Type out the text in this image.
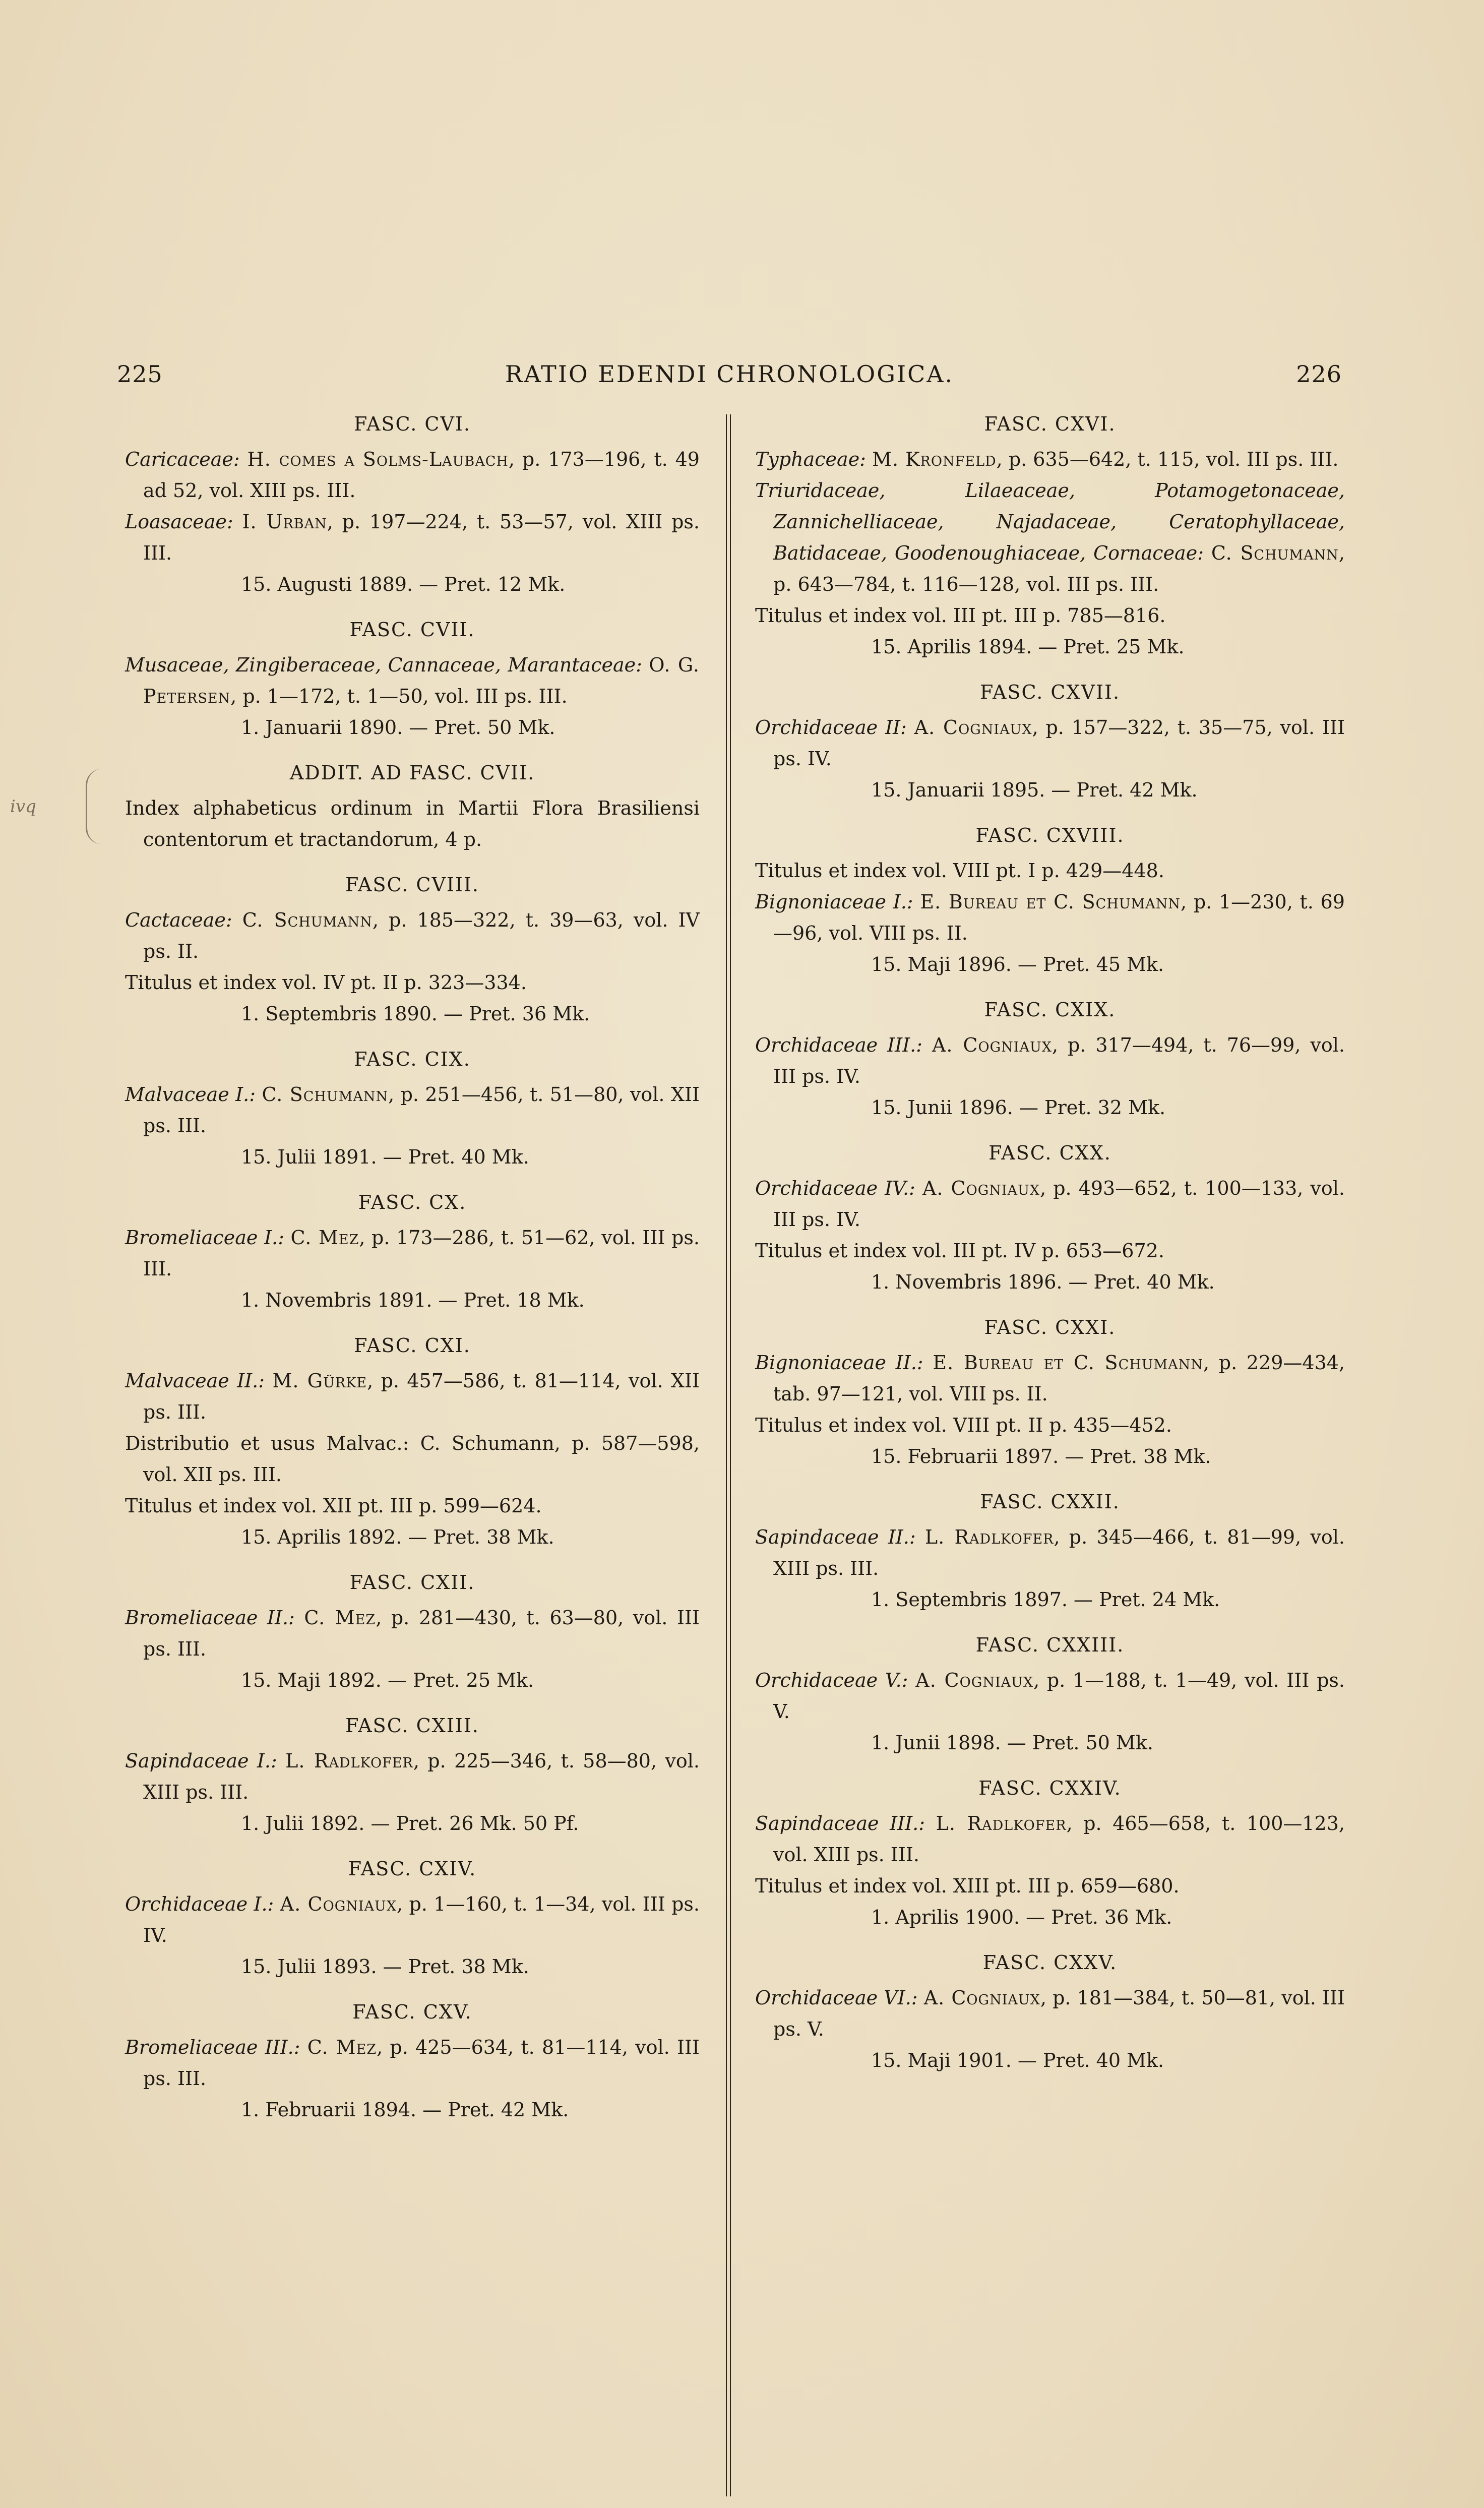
225	RATIO EDENDI CHRONOLOGICA.	226
ivq
FASC. CVI.
Caricaceae: H. comes a Solms-Laubach, p. 173—196, t. 49 ad 52, vol. XIII ps. III.
Loasaceae: I. Urban, p. 197—224, t. 53—57, vol. XIII ps. III.
15. Augusti 1889. — Pret. 12 Mk.
FASC. CVII.
Musaceae, Zingiberaceae, Cannaceae, Marantaceae: O. G. Petersen, p. 1—172, t. 1—50, vol. III ps. III.
1. Januarii 1890. — Pret. 50 Mk.
ADDIT. AD FASC. CVII.
Index alphabeticus ordinum in Martii Flora Brasiliensi contentorum et tractandorum, 4 p.
FASC. CVIII.
Cactaceae: C. Schumann, p. 185—322, t. 39—63, vol. IV ps. II.
Titulus et index vol. IV pt. II p. 323—334.
1. Septembris 1890. — Pret. 36 Mk.
FASC. CIX.
Malvaceae I.: C. Schumann, p. 251—456, t. 51—80, vol. XII ps. III.
15. Julii 1891. — Pret. 40 Mk.
FASC. CX.
Bromeliaceae I.: C. Mez, p. 173—286, t. 51—62, vol. III ps. III.
1. Novembris 1891. — Pret. 18 Mk.
FASC. CXI.
Malvaceae II.: M. Gürke, p. 457—586, t. 81—114, vol. XII ps. III.
Distributio et usus Malvac.: C. Schumann, p. 587—598, vol. XII ps. III.
Titulus et index vol. XII pt. III p. 599—624.
15. Aprilis 1892. — Pret. 38 Mk.
FASC. CXII.
Bromeliaceae II.: C. Mez, p. 281—430, t. 63—80, vol. III ps. III.
15. Maji 1892. — Pret. 25 Mk.
FASC. CXIII.
Sapindaceae I.: L. Radlkofer, p. 225—346, t. 58—80, vol. XIII ps. III.
1. Julii 1892. — Pret. 26 Mk. 50 Pf.
FASC. CXIV.
Orchidaceae I.: A. Cogniaux, p. 1—160, t. 1—34, vol. III ps. IV.
15. Julii 1893. — Pret. 38 Mk.
FASC. CXV.
Bromeliaceae III.: C. Mez, p. 425—634, t. 81—114, vol. III ps. III.
1. Februarii 1894. — Pret. 42 Mk.
FASC. CXVI.
Typhaceae: M. Kronfeld, p. 635—642, t. 115, vol. III ps. III.
Triuridaceae, Lilaeaceae, Potamogetonaceae, Zannichelliaceae, Najadaceae, Ceratophyllaceae, Batidaceae, Goodenoughiaceae, Cornaceae: C. Schumann, p. 643—784, t. 116—128, vol. III ps. III.
Titulus et index vol. III pt. III p. 785—816.
15. Aprilis 1894. — Pret. 25 Mk.
FASC. CXVII.
Orchidaceae II: A. Cogniaux, p. 157—322, t. 35—75, vol. III ps. IV.
15. Januarii 1895. — Pret. 42 Mk.
FASC. CXVIII.
Titulus et index vol. VIII pt. I p. 429—448.
Bignoniaceae I.: E. Bureau et C. Schumann, p. 1—230, t. 69—96, vol. VIII ps. II.
15. Maji 1896. — Pret. 45 Mk.
FASC. CXIX.
Orchidaceae III.: A. Cogniaux, p. 317—494, t. 76—99, vol. III ps. IV.
15. Junii 1896. — Pret. 32 Mk.
FASC. CXX.
Orchidaceae IV.: A. Cogniaux, p. 493—652, t. 100—133, vol. III ps. IV.
Titulus et index vol. III pt. IV p. 653—672.
1. Novembris 1896. — Pret. 40 Mk.
FASC. CXXI.
Bignoniaceae II.: E. Bureau et C. Schumann, p. 229—434, tab. 97—121, vol. VIII ps. II.
Titulus et index vol. VIII pt. II p. 435—452.
15. Februarii 1897. — Pret. 38 Mk.
FASC. CXXII.
Sapindaceae II.: L. Radlkofer, p. 345—466, t. 81—99, vol. XIII ps. III.
1. Septembris 1897. — Pret. 24 Mk.
FASC. CXXIII.
Orchidaceae V.: A. Cogniaux, p. 1—188, t. 1—49, vol. III ps. V.
1. Junii 1898. — Pret. 50 Mk.
FASC. CXXIV.
Sapindaceae III.: L. Radlkofer, p. 465—658, t. 100—123, vol. XIII ps. III.
Titulus et index vol. XIII pt. III p. 659—680.
1. Aprilis 1900. — Pret. 36 Mk.
FASC. CXXV.
Orchidaceae VI.: A. Cogniaux, p. 181—384, t. 50—81, vol. III ps. V.
15. Maji 1901. — Pret. 40 Mk.
